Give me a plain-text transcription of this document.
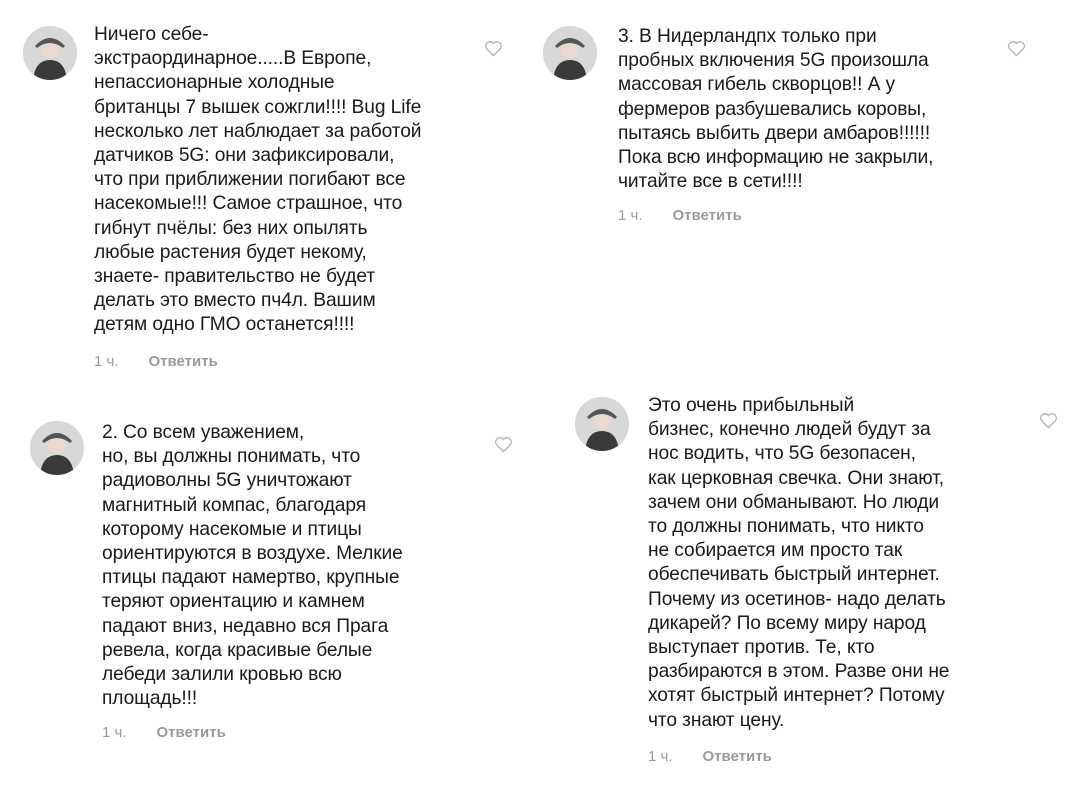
Ничего себе-
экстраординарное.....В Европе,
непассионарные холодные
британцы 7 вышек сожгли!!!! Bug Life
несколько лет наблюдает за работой
датчиков 5G: они зафиксировали,
что при приближении погибают все
насекомые!!! Самое страшное, что
гибнут пчёлы: без них опылять
любые растения будет некому,
знаете- правительство не будет
делать это вместо пч4л. Вашим
детям одно ГМО останется!!!!
1 ч. Ответить
3. В Нидерландпх только при
пробных включения 5G произошла
массовая гибель скворцов!! А у
фермеров разбушевались коровы,
пытаясь выбить двери амбаров!!!!!!
Пока всю информацию не закрыли,
читайте все в сети!!!!
1 ч. Ответить
2. Со всем уважением,
но, вы должны понимать, что
радиоволны 5G уничтожают
магнитный компас, благодаря
которому насекомые и птицы
ориентируются в воздухе. Мелкие
птицы падают намертво, крупные
теряют ориентацию и камнем
падают вниз, недавно вся Прага
ревела, когда красивые белые
лебеди залили кровью всю
площадь!!!
1 ч. Ответить
Это очень прибыльный
бизнес, конечно людей будут за
нос водить, что 5G безопасен,
как церковная свечка. Они знают,
зачем они обманывают. Но люди
то должны понимать, что никто
не собирается им просто так
обеспечивать быстрый интернет.
Почему из осетинов- надо делать
дикарей? По всему миру народ
выступает против. Те, кто
разбираются в этом. Разве они не
хотят быстрый интернет? Потому
что знают цену.
1 ч. Ответить
